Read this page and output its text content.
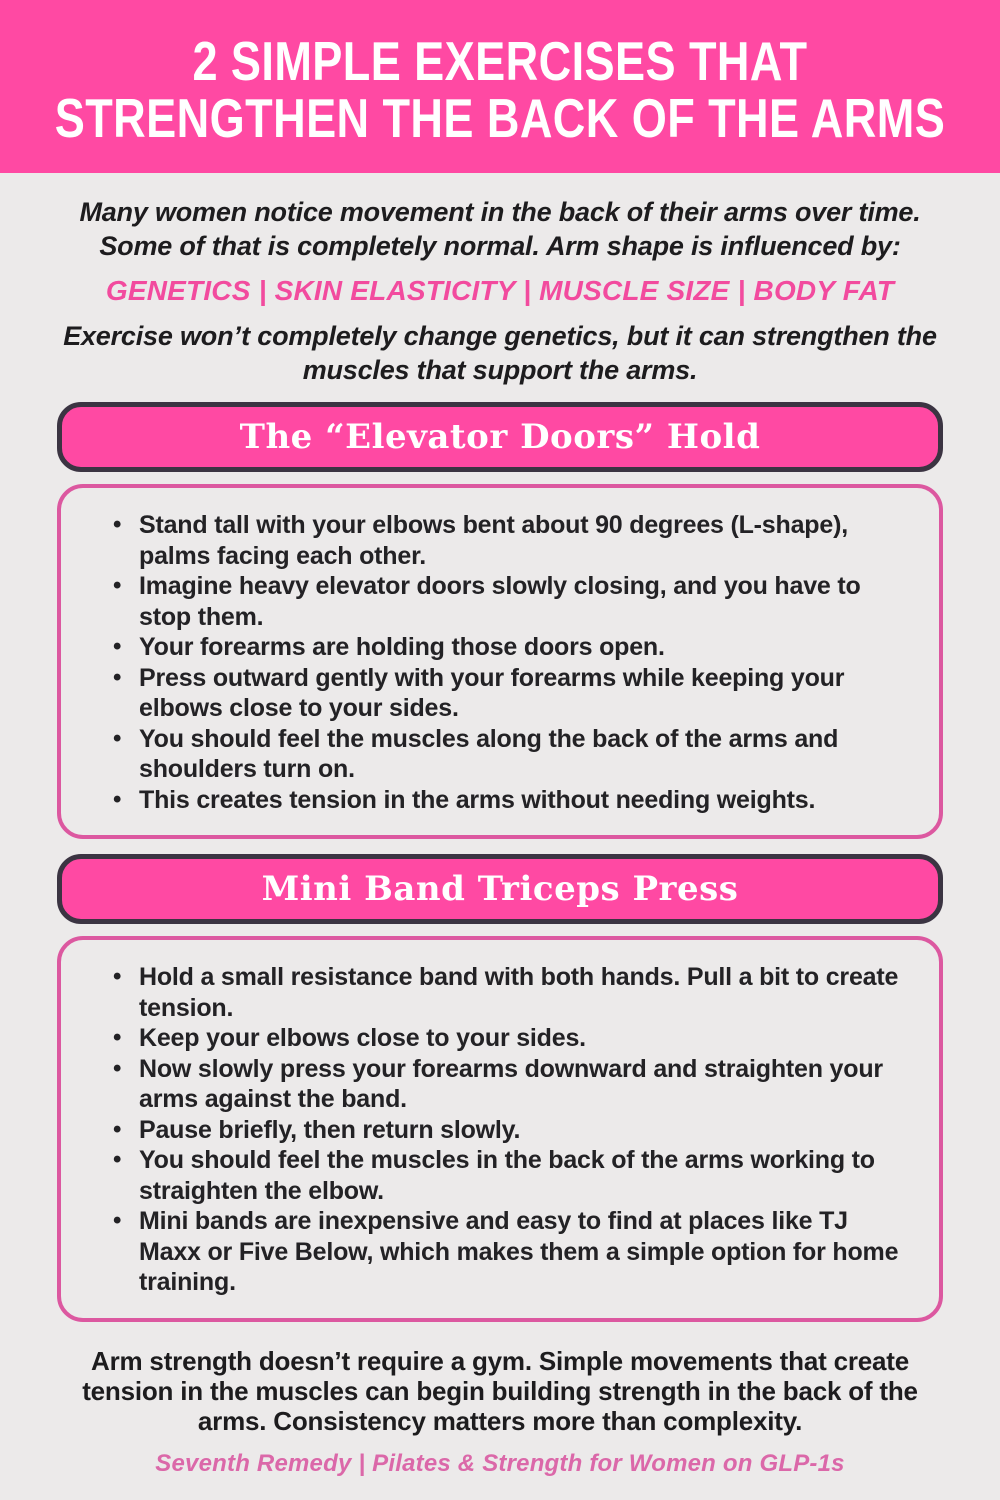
2 SIMPLE EXERCISES THAT
STRENGTHEN THE BACK OF THE ARMS

Many women notice movement in the back of their arms over time.
Some of that is completely normal. Arm shape is influenced by:

GENETICS | SKIN ELASTICITY | MUSCLE SIZE | BODY FAT

Exercise won’t completely change genetics, but it can strengthen the
muscles that support the arms.

The “Elevator Doors” Hold
• Stand tall with your elbows bent about 90 degrees (L-shape), palms facing each other.
• Imagine heavy elevator doors slowly closing, and you have to stop them.
• Your forearms are holding those doors open.
• Press outward gently with your forearms while keeping your elbows close to your sides.
• You should feel the muscles along the back of the arms and shoulders turn on.
• This creates tension in the arms without needing weights.
Mini Band Triceps Press
• Hold a small resistance band with both hands. Pull a bit to create tension.
• Keep your elbows close to your sides.
• Now slowly press your forearms downward and straighten your arms against the band.
• Pause briefly, then return slowly.
• You should feel the muscles in the back of the arms working to straighten the elbow.
• Mini bands are inexpensive and easy to find at places like TJ Maxx or Five Below, which makes them a simple option for home training.

Arm strength doesn’t require a gym. Simple movements that create
tension in the muscles can begin building strength in the back of the
arms. Consistency matters more than complexity.

Seventh Remedy | Pilates & Strength for Women on GLP-1s
